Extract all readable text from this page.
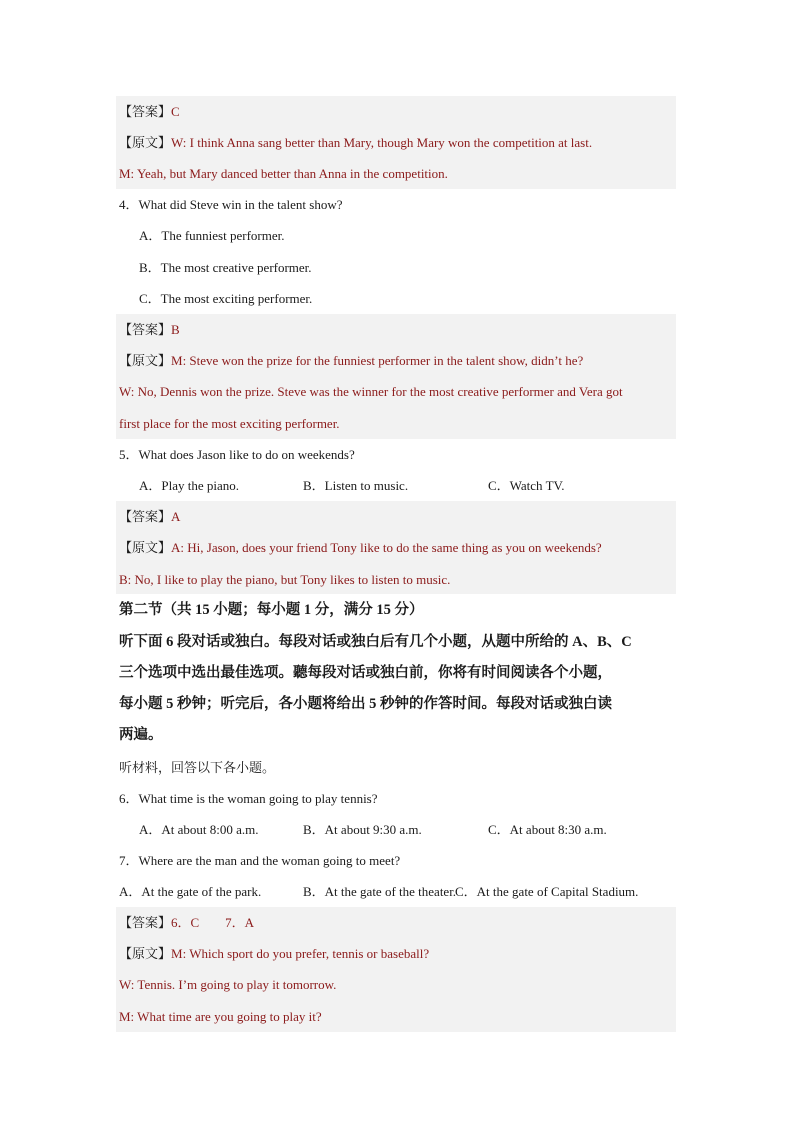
【答案】C
【原文】W: I think Anna sang better than Mary, though Mary won the competition at last.
M: Yeah, but Mary danced better than Anna in the competition.
4．What did Steve win in the talent show?
A．The funniest performer.
B．The most creative performer.
C．The most exciting performer.
【答案】B
【原文】M: Steve won the prize for the funniest performer in the talent show, didn’t he?
W: No, Dennis won the prize. Steve was the winner for the most creative performer and Vera got
first place for the most exciting performer.
5．What does Jason like to do on weekends?
A．Play the piano.	B．Listen to music.	C．Watch TV.
【答案】A
【原文】A: Hi, Jason, does your friend Tony like to do the same thing as you on weekends?
B: No, I like to play the piano, but Tony likes to listen to music.
第二节（共 15 小题；每小题 1 分，满分 15 分）
听下面 6 段对话或独白。每段对话或独白后有几个小题，从题中所给的 A、B、C
三个选项中选出最佳选项。聽每段对话或独白前，你将有时间阅读各个小题，
每小题 5 秒钟；听完后，各小题将给出 5 秒钟的作答时间。每段对话或独白读
两遍。
听材料，回答以下各小题。
6．What time is the woman going to play tennis?
A．At about 8:00 a.m.	B．At about 9:30 a.m.	C．At about 8:30 a.m.
7．Where are the man and the woman going to meet?
A．At the gate of the park.	B．At the gate of the theater.
C．At the gate of Capital Stadium.
【答案】6．C　　7．A
【原文】M: Which sport do you prefer, tennis or baseball?
W: Tennis. I’m going to play it tomorrow.
M: What time are you going to play it?
